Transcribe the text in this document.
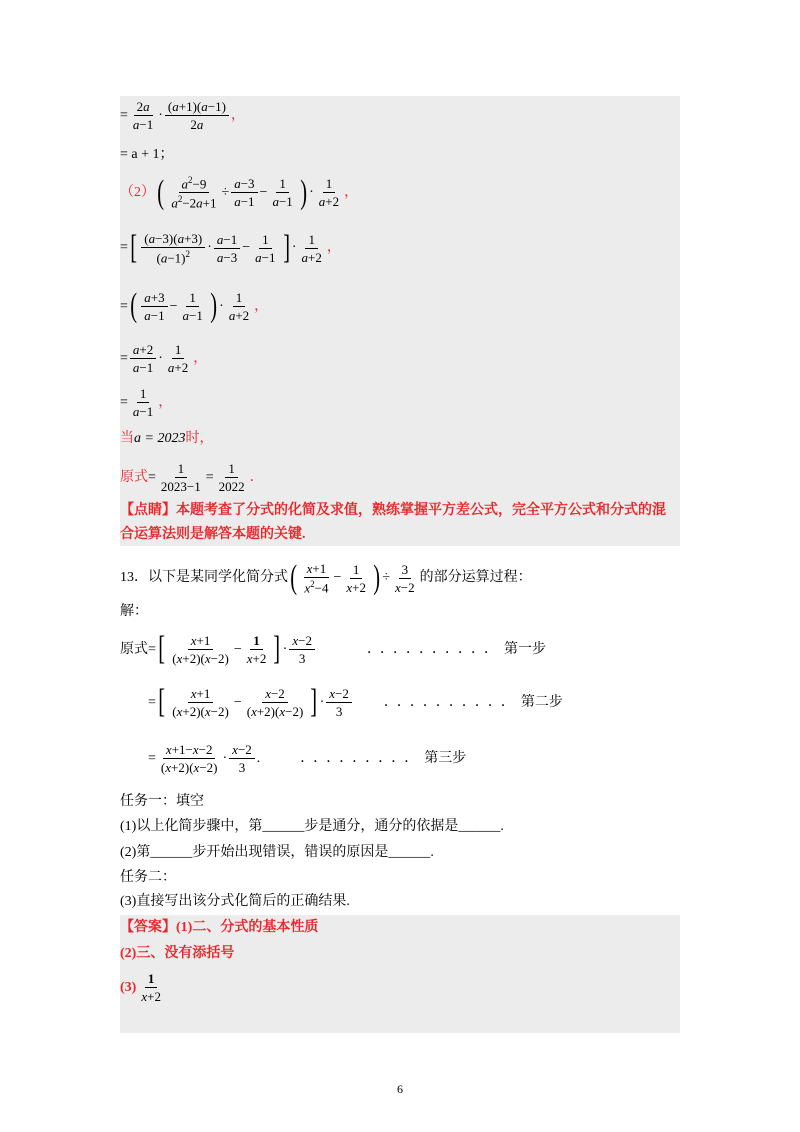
= $\frac{2a}{a-1} \cdot \frac{(a+1)(a-1)}{2a}$ ，
= a + 1；
（2） ( $\frac{a^2-9}{a^2-2a+1} \div \frac{a-3}{a-1} - \frac{1}{a-1}$ ) · $\frac{1}{a+2}$ ，
= [ $\frac{(a-3)(a+3)}{(a-1)^2} \cdot \frac{a-1}{a-3} - \frac{1}{a-1}$ ] · $\frac{1}{a+2}$ ，
= ( $\frac{a+3}{a-1} - \frac{1}{a-1}$ ) · $\frac{1}{a+2}$ ，
= $\frac{a+2}{a-1} \cdot \frac{1}{a+2}$ ，
= $\frac{1}{a-1}$ ，
当 a = 2023 时，
原式 = $\frac{1}{2023-1} = \frac{1}{2022}$ ．
【点睛】 本题考查了分式的化简及求值，熟练掌握平方差公式，完全平方公式和分式的混
合运算法则是解答本题的关键.
13．以下是某同学化简分式 ( $\frac{x+1}{x^2-4} - \frac{1}{x+2}$ ) ÷ $\frac{3}{x-2}$ 的部分运算过程：
解：
原式 = [ $\frac{x+1}{(x+2)(x-2)} - \frac{1}{x+2}$ ] · $\frac{x-2}{3}$	．．．．．．．．．． 第一步
= [ $\frac{x+1}{(x+2)(x-2)} - \frac{x-2}{(x+2)(x-2)}$ ] · $\frac{x-2}{3}$ ．．．．．．．．．． 第二步
= $\frac{x+1-x-2}{(x+2)(x-2)} \cdot \frac{x-2}{3}$ .	．．．．．．．．． 第三步
任务一：填空
(1)以上化简步骤中，第______步是通分，通分的依据是______.
(2)第______步开始出现错误，错误的原因是______.
任务二：
(3)直接写出该分式化简后的正确结果.
【答案】 (1)二、分式的基本性质
(2)三、没有添括号
$(3) \frac{1}{x+2}$
6
